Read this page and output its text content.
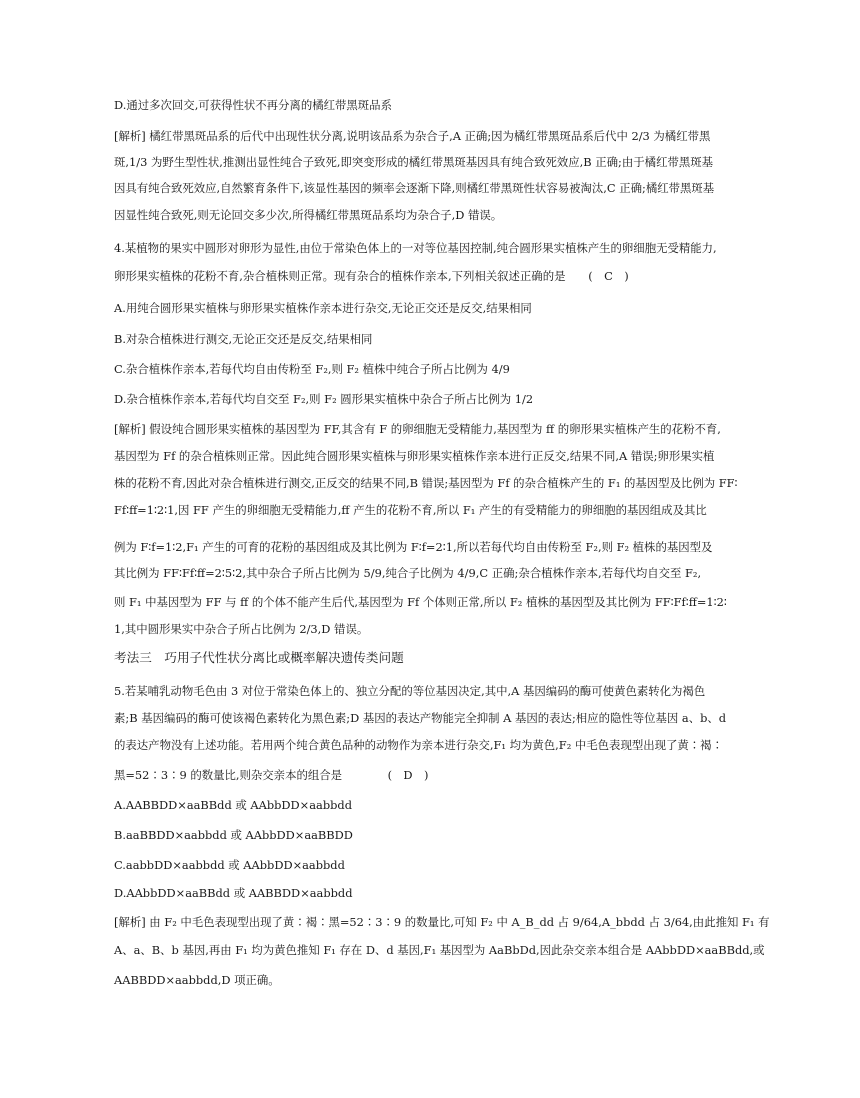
D.通过多次回交,可获得性状不再分离的橘红带黑斑品系
[解析] 橘红带黑斑品系的后代中出现性状分离,说明该品系为杂合子,A 正确;因为橘红带黑斑品系后代中 2/3 为橘红带黑
斑,1/3 为野生型性状,推测出显性纯合子致死,即突变形成的橘红带黑斑基因具有纯合致死效应,B 正确;由于橘红带黑斑基
因具有纯合致死效应,自然繁育条件下,该显性基因的频率会逐渐下降,则橘红带黑斑性状容易被淘汰,C 正确;橘红带黑斑基
因显性纯合致死,则无论回交多少次,所得橘红带黑斑品系均为杂合子,D 错误。
4.某植物的果实中圆形对卵形为显性,由位于常染色体上的一对等位基因控制,纯合圆形果实植株产生的卵细胞无受精能力,
卵形果实植株的花粉不育,杂合植株则正常。现有杂合的植株作亲本,下列相关叙述正确的是　　(　C　)
A.用纯合圆形果实植株与卵形果实植株作亲本进行杂交,无论正交还是反交,结果相同
B.对杂合植株进行测交,无论正交还是反交,结果相同
C.杂合植株作亲本,若每代均自由传粉至 F₂,则 F₂ 植株中纯合子所占比例为 4/9
D.杂合植株作亲本,若每代均自交至 F₂,则 F₂ 圆形果实植株中杂合子所占比例为 1/2
[解析] 假设纯合圆形果实植株的基因型为 FF,其含有 F 的卵细胞无受精能力,基因型为 ff 的卵形果实植株产生的花粉不育,
基因型为 Ff 的杂合植株则正常。因此纯合圆形果实植株与卵形果实植株作亲本进行正反交,结果不同,A 错误;卵形果实植
株的花粉不育,因此对杂合植株进行测交,正反交的结果不同,B 错误;基因型为 Ff 的杂合植株产生的 F₁ 的基因型及比例为 FF∶
Ff∶ff=1∶2∶1,因 FF 产生的卵细胞无受精能力,ff 产生的花粉不育,所以 F₁ 产生的有受精能力的卵细胞的基因组成及其比
例为 F∶f=1∶2,F₁ 产生的可育的花粉的基因组成及其比例为 F∶f=2∶1,所以若每代均自由传粉至 F₂,则 F₂ 植株的基因型及
其比例为 FF∶Ff∶ff=2∶5∶2,其中杂合子所占比例为 5/9,纯合子比例为 4/9,C 正确;杂合植株作亲本,若每代均自交至 F₂,
则 F₁ 中基因型为 FF 与 ff 的个体不能产生后代,基因型为 Ff 个体则正常,所以 F₂ 植株的基因型及其比例为 FF∶Ff∶ff=1∶2∶
1,其中圆形果实中杂合子所占比例为 2/3,D 错误。
考法三　巧用子代性状分离比或概率解决遗传类问题
5.若某哺乳动物毛色由 3 对位于常染色体上的、独立分配的等位基因决定,其中,A 基因编码的酶可使黄色素转化为褐色
素;B 基因编码的酶可使该褐色素转化为黑色素;D 基因的表达产物能完全抑制 A 基因的表达;相应的隐性等位基因 a、b、d
的表达产物没有上述功能。若用两个纯合黄色品种的动物作为亲本进行杂交,F₁ 均为黄色,F₂ 中毛色表现型出现了黄∶褐∶
黑=52∶3∶9 的数量比,则杂交亲本的组合是　　　　(　D　)
A.AABBDD×aaBBdd 或 AAbbDD×aabbdd
B.aaBBDD×aabbdd 或 AAbbDD×aaBBDD
C.aabbDD×aabbdd 或 AAbbDD×aabbdd
D.AAbbDD×aaBBdd 或 AABBDD×aabbdd
[解析] 由 F₂ 中毛色表现型出现了黄∶褐∶黑=52∶3∶9 的数量比,可知 F₂ 中 A_B_dd 占 9/64,A_bbdd 占 3/64,由此推知 F₁ 有
A、a、B、b 基因,再由 F₁ 均为黄色推知 F₁ 存在 D、d 基因,F₁ 基因型为 AaBbDd,因此杂交亲本组合是 AAbbDD×aaBBdd,或
AABBDD×aabbdd,D 项正确。
